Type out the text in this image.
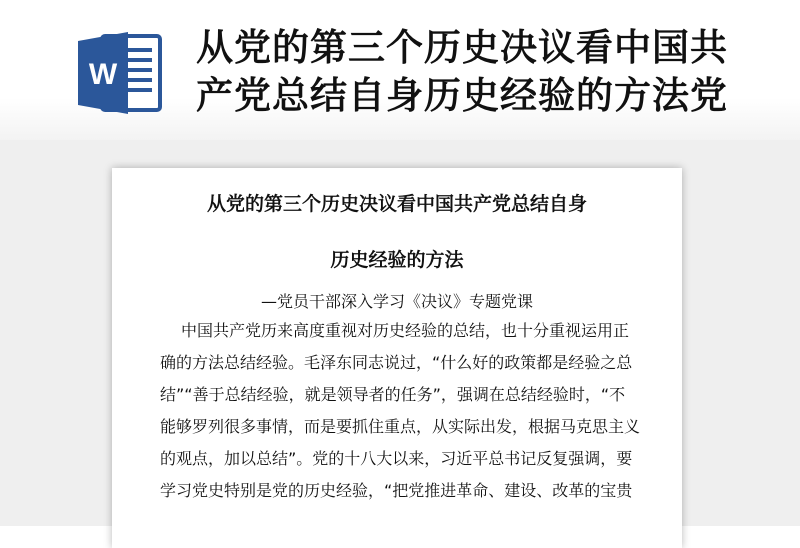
W
从党的第三个历史决议看中国共
产党总结自身历史经验的方法党
从党的第三个历史决议看中国共产党总结自身
历史经验的方法
—党员干部深入学习《决议》专题党课
中国共产党历来高度重视对历史经验的总结，也十分重视运用正
确的方法总结经验。毛泽东同志说过，“什么好的政策都是经验之总
结”“善于总结经验，就是领导者的任务”，强调在总结经验时，“不
能够罗列很多事情，而是要抓住重点，从实际出发，根据马克思主义
的观点，加以总结”。党的十八大以来，习近平总书记反复强调，要
学习党史特别是党的历史经验，“把党推进革命、建设、改革的宝贵
